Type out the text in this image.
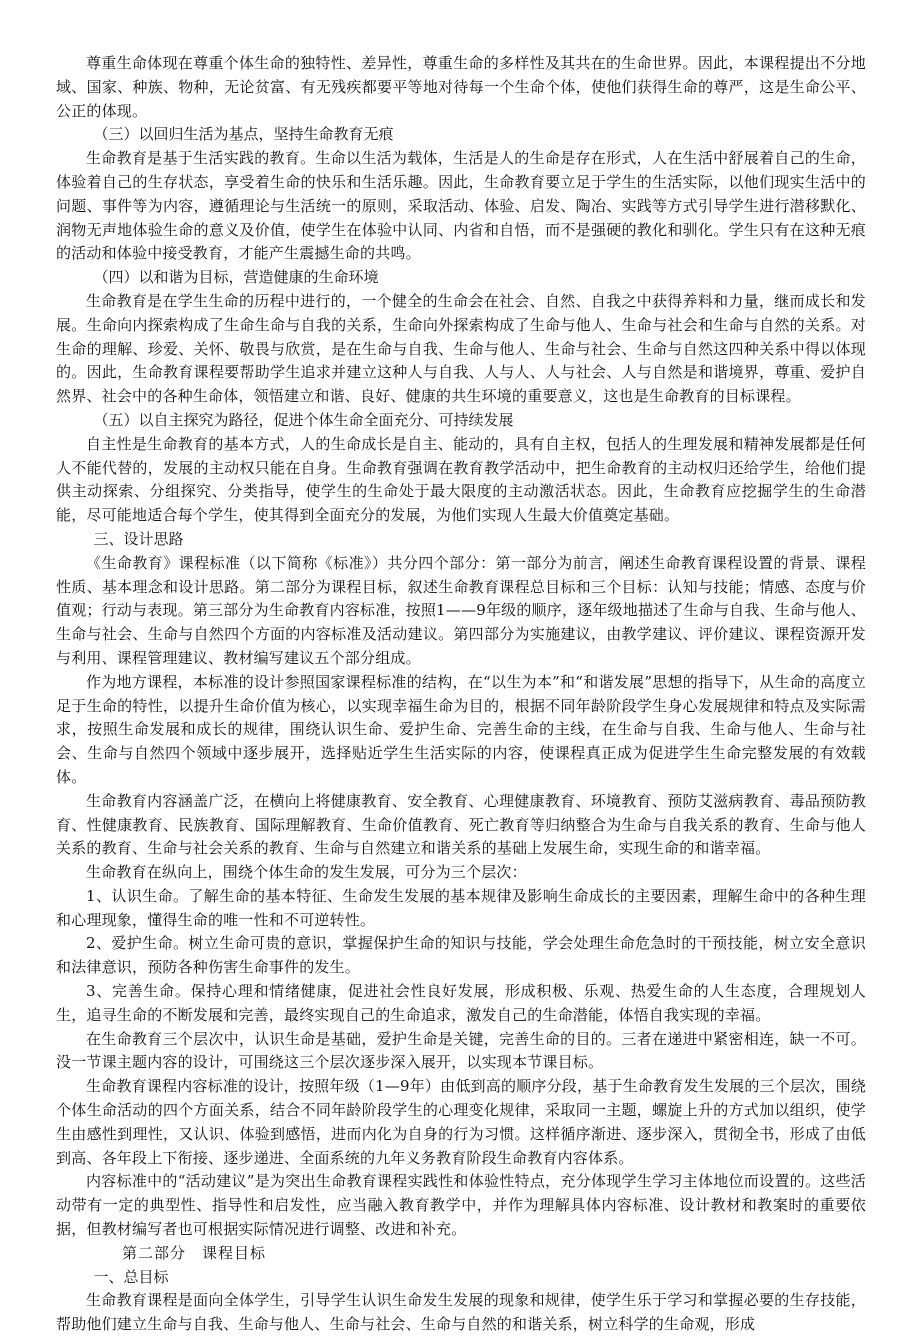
尊重生命体现在尊重个体生命的独特性、差异性，尊重生命的多样性及其共在的生命世界。因此，本课程提出不分地域、国家、种族、物种，无论贫富、有无残疾都要平等地对待每一个生命个体，使他们获得生命的尊严，这是生命公平、公正的体现。

（三）以回归生活为基点，坚持生命教育无痕

生命教育是基于生活实践的教育。生命以生活为载体，生活是人的生命是存在形式，人在生活中舒展着自己的生命，体验着自己的生存状态，享受着生命的快乐和生活乐趣。因此，生命教育要立足于学生的生活实际，以他们现实生活中的问题、事件等为内容，遵循理论与生活统一的原则，采取活动、体验、启发、陶冶、实践等方式引导学生进行潜移默化、润物无声地体验生命的意义及价值，使学生在体验中认同、内省和自悟，而不是强硬的教化和驯化。学生只有在这种无痕的活动和体验中接受教育，才能产生震撼生命的共鸣。

（四）以和谐为目标，营造健康的生命环境

生命教育是在学生生命的历程中进行的，一个健全的生命会在社会、自然、自我之中获得养料和力量，继而成长和发展。生命向内探索构成了生命生命与自我的关系，生命向外探索构成了生命与他人、生命与社会和生命与自然的关系。对生命的理解、珍爱、关怀、敬畏与欣赏，是在生命与自我、生命与他人、生命与社会、生命与自然这四种关系中得以体现的。因此，生命教育课程要帮助学生追求并建立这种人与自我、人与人、人与社会、人与自然是和谐境界，尊重、爱护自然界、社会中的各种生命体，领悟建立和谐、良好、健康的共生环境的重要意义，这也是生命教育的目标课程。

（五）以自主探究为路径，促进个体生命全面充分、可持续发展

自主性是生命教育的基本方式，人的生命成长是自主、能动的，具有自主权，包括人的生理发展和精神发展都是任何人不能代替的，发展的主动权只能在自身。生命教育强调在教育教学活动中，把生命教育的主动权归还给学生，给他们提供主动探索、分组探究、分类指导，使学生的生命处于最大限度的主动激活状态。因此，生命教育应挖掘学生的生命潜能，尽可能地适合每个学生，使其得到全面充分的发展，为他们实现人生最大价值奠定基础。

三、设计思路

《生命教育》课程标准（以下简称《标准》）共分四个部分：第一部分为前言，阐述生命教育课程设置的背景、课程性质、基本理念和设计思路。第二部分为课程目标，叙述生命教育课程总目标和三个目标：认知与技能；情感、态度与价值观；行动与表现。第三部分为生命教育内容标准，按照1——9年级的顺序，逐年级地描述了生命与自我、生命与他人、生命与社会、生命与自然四个方面的内容标准及活动建议。第四部分为实施建议，由教学建议、评价建议、课程资源开发与利用、课程管理建议、教材编写建议五个部分组成。

作为地方课程，本标准的设计参照国家课程标准的结构，在“以生为本”和“和谐发展”思想的指导下，从生命的高度立足于生命的特性，以提升生命价值为核心，以实现幸福生命为目的，根据不同年龄阶段学生身心发展规律和特点及实际需求，按照生命发展和成长的规律，围绕认识生命、爱护生命、完善生命的主线，在生命与自我、生命与他人、生命与社会、生命与自然四个领域中逐步展开，选择贴近学生生活实际的内容，使课程真正成为促进学生生命完整发展的有效载体。

生命教育内容涵盖广泛，在横向上将健康教育、安全教育、心理健康教育、环境教育、预防艾滋病教育、毒品预防教育、性健康教育、民族教育、国际理解教育、生命价值教育、死亡教育等归纳整合为生命与自我关系的教育、生命与他人关系的教育、生命与社会关系的教育、生命与自然建立和谐关系的基础上发展生命，实现生命的和谐幸福。

生命教育在纵向上，围绕个体生命的发生发展，可分为三个层次：

1、认识生命。了解生命的基本特征、生命发生发展的基本规律及影响生命成长的主要因素，理解生命中的各种生理和心理现象，懂得生命的唯一性和不可逆转性。

2、爱护生命。树立生命可贵的意识，掌握保护生命的知识与技能，学会处理生命危急时的干预技能，树立安全意识和法律意识，预防各种伤害生命事件的发生。

3、完善生命。保持心理和情绪健康，促进社会性良好发展，形成积极、乐观、热爱生命的人生态度，合理规划人生，追寻生命的不断发展和完善，最终实现自己的生命追求，激发自己的生命潜能，体悟自我实现的幸福。

在生命教育三个层次中，认识生命是基础，爱护生命是关键，完善生命的目的。三者在递进中紧密相连，缺一不可。没一节课主题内容的设计，可围绕这三个层次逐步深入展开，以实现本节课目标。

生命教育课程内容标准的设计，按照年级（1—9年）由低到高的顺序分段，基于生命教育发生发展的三个层次，围绕个体生命活动的四个方面关系，结合不同年龄阶段学生的心理变化规律，采取同一主题，螺旋上升的方式加以组织，使学生由感性到理性，又认识、体验到感悟，进而内化为自身的行为习惯。这样循序渐进、逐步深入，贯彻全书，形成了由低到高、各年段上下衔接、逐步递进、全面系统的九年义务教育阶段生命教育内容体系。

内容标准中的“活动建议”是为突出生命教育课程实践性和体验性特点，充分体现学生学习主体地位而设置的。这些活动带有一定的典型性、指导性和启发性，应当融入教育教学中，并作为理解具体内容标准、设计教材和教案时的重要依据，但教材编写者也可根据实际情况进行调整、改进和补充。

第二部分　课程目标

一、总目标

生命教育课程是面向全体学生，引导学生认识生命发生发展的现象和规律，使学生乐于学习和掌握必要的生存技能，帮助他们建立生命与自我、生命与他人、生命与社会、生命与自然的和谐关系，树立科学的生命观，形成
